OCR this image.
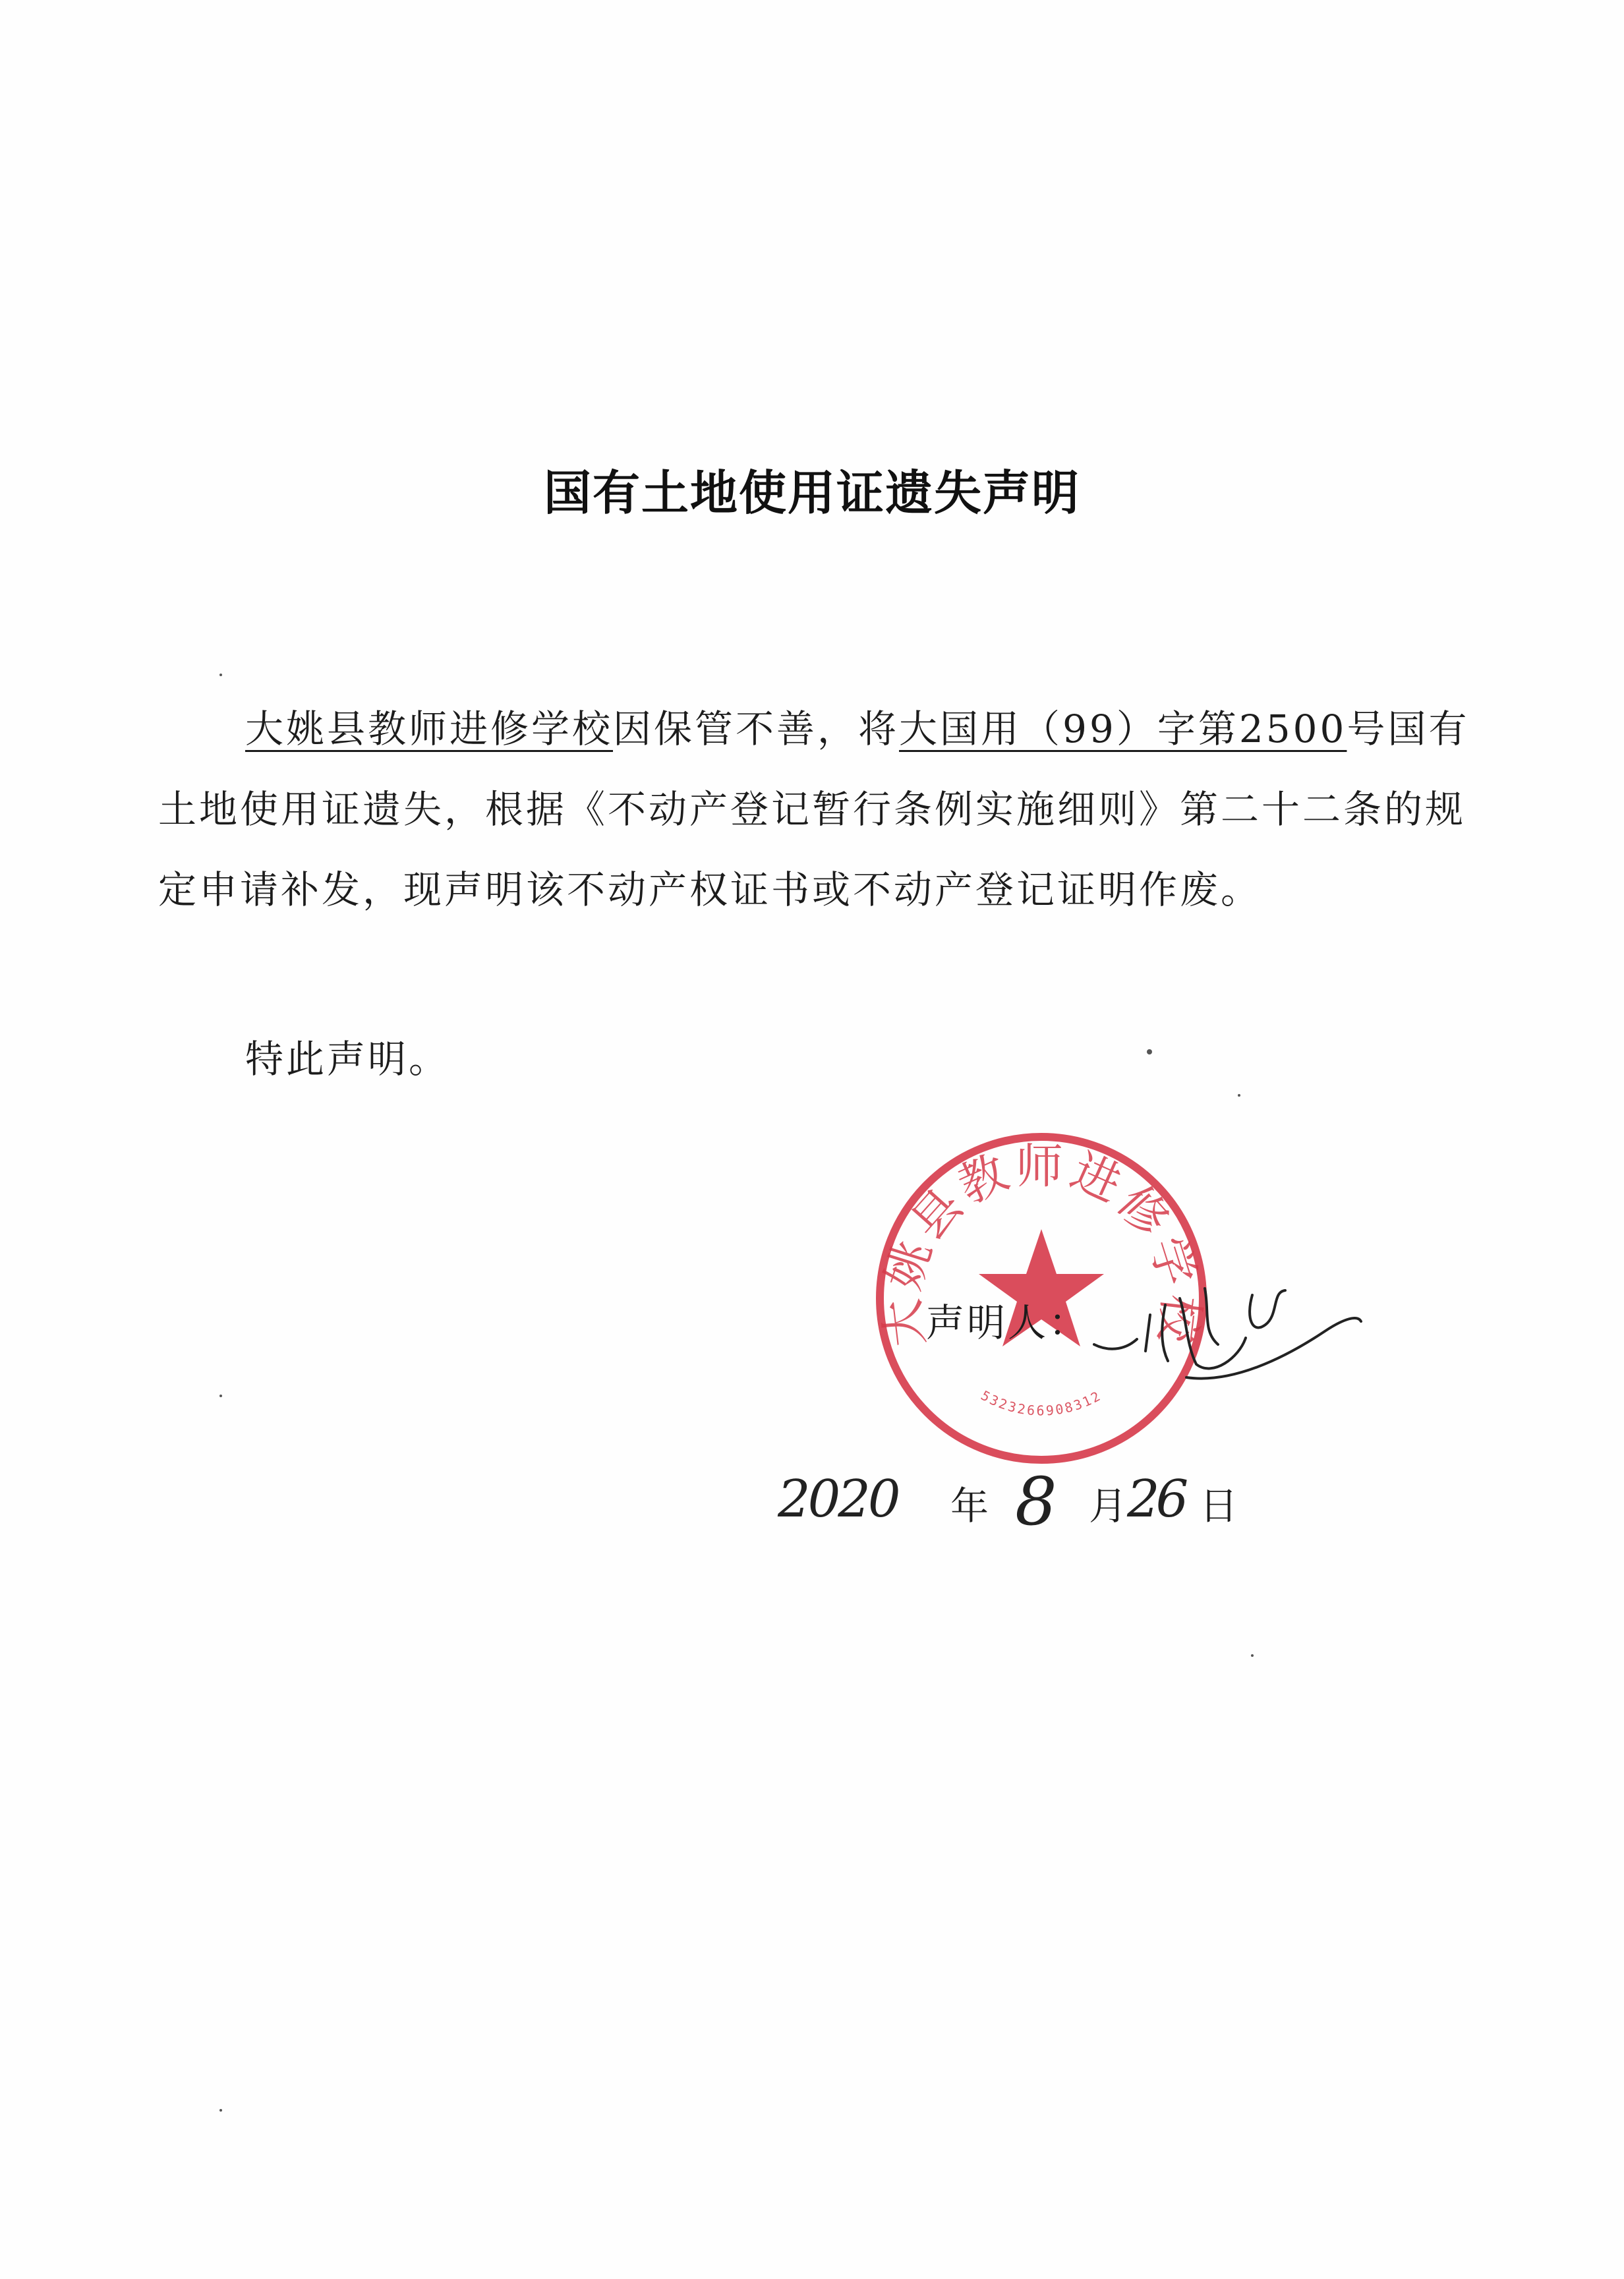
国有土地使用证遗失声明

大姚县教师进修学校因保管不善，将大国用（99）字第2500号国有土地使用证遗失，根据《不动产登记暂行条例实施细则》第二十二条的规定申请补发，现声明该不动产权证书或不动产登记证明作废。

特此声明。
大姚县教师进修学校
5323266908312
声明人：
2020 年 8 月 26 日
